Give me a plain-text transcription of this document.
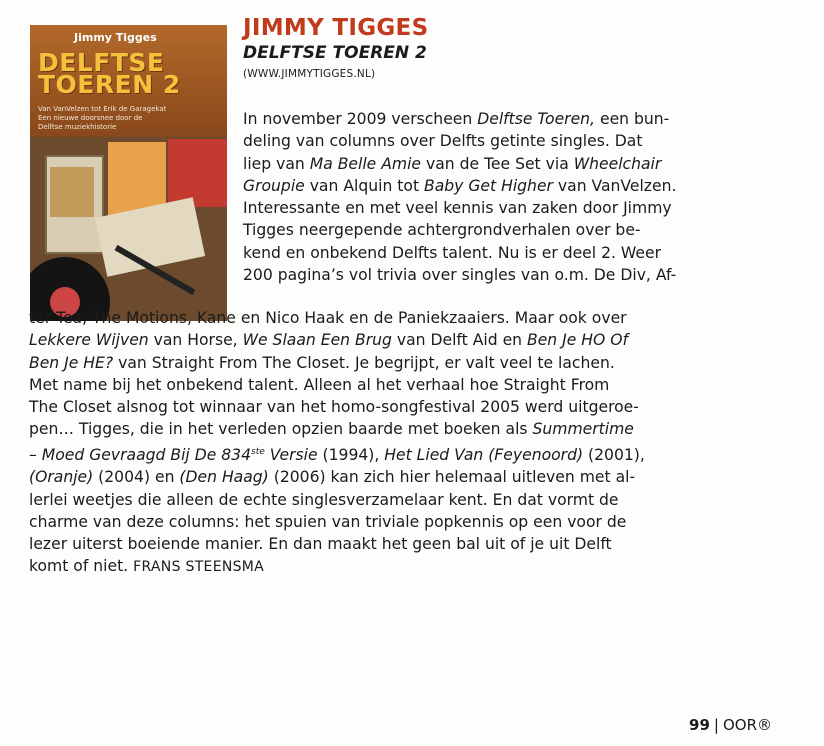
Jimmy Tigges
DELFTSE
TOEREN 2
Van VanVelzen tot Erik de Garagekat
Een nieuwe doorsnee door de
Delftse muziekhistorie
JIMMY TIGGES
DELFTSE TOEREN 2
(WWW.JIMMYTIGGES.NL)
In november 2009 verscheen Delftse Toeren, een bun-
deling van columns over Delfts getinte singles. Dat
liep van Ma Belle Amie van de Tee Set via Wheelchair
Groupie van Alquin tot Baby Get Higher van VanVelzen.
Interessante en met veel kennis van zaken door Jimmy
Tigges neergepende achtergrondverhalen over be-
kend en onbekend Delfts talent. Nu is er deel 2. Weer
200 pagina’s vol trivia over singles van o.m. De Div, Af-
ter Tea, The Motions, Kane en Nico Haak en de Paniekzaaiers. Maar ook over
Lekkere Wijven van Horse, We Slaan Een Brug van Delft Aid en Ben Je HO Of
Ben Je HE? van Straight From The Closet. Je begrijpt, er valt veel te lachen.
Met name bij het onbekend talent. Alleen al het verhaal hoe Straight From
The Closet alsnog tot winnaar van het homo-songfestival 2005 werd uitgeroe-
pen… Tigges, die in het verleden opzien baarde met boeken als Summertime
– Moed Gevraagd Bij De 834ste Versie (1994), Het Lied Van (Feyenoord) (2001),
(Oranje) (2004) en (Den Haag) (2006) kan zich hier helemaal uitleven met al-
lerlei weetjes die alleen de echte singlesverzamelaar kent. En dat vormt de
charme van deze columns: het spuien van triviale popkennis op een voor de
lezer uiterst boeiende manier. En dan maakt het geen bal uit of je uit Delft
komt of niet. FRANS STEENSMA
99 | OOR®
